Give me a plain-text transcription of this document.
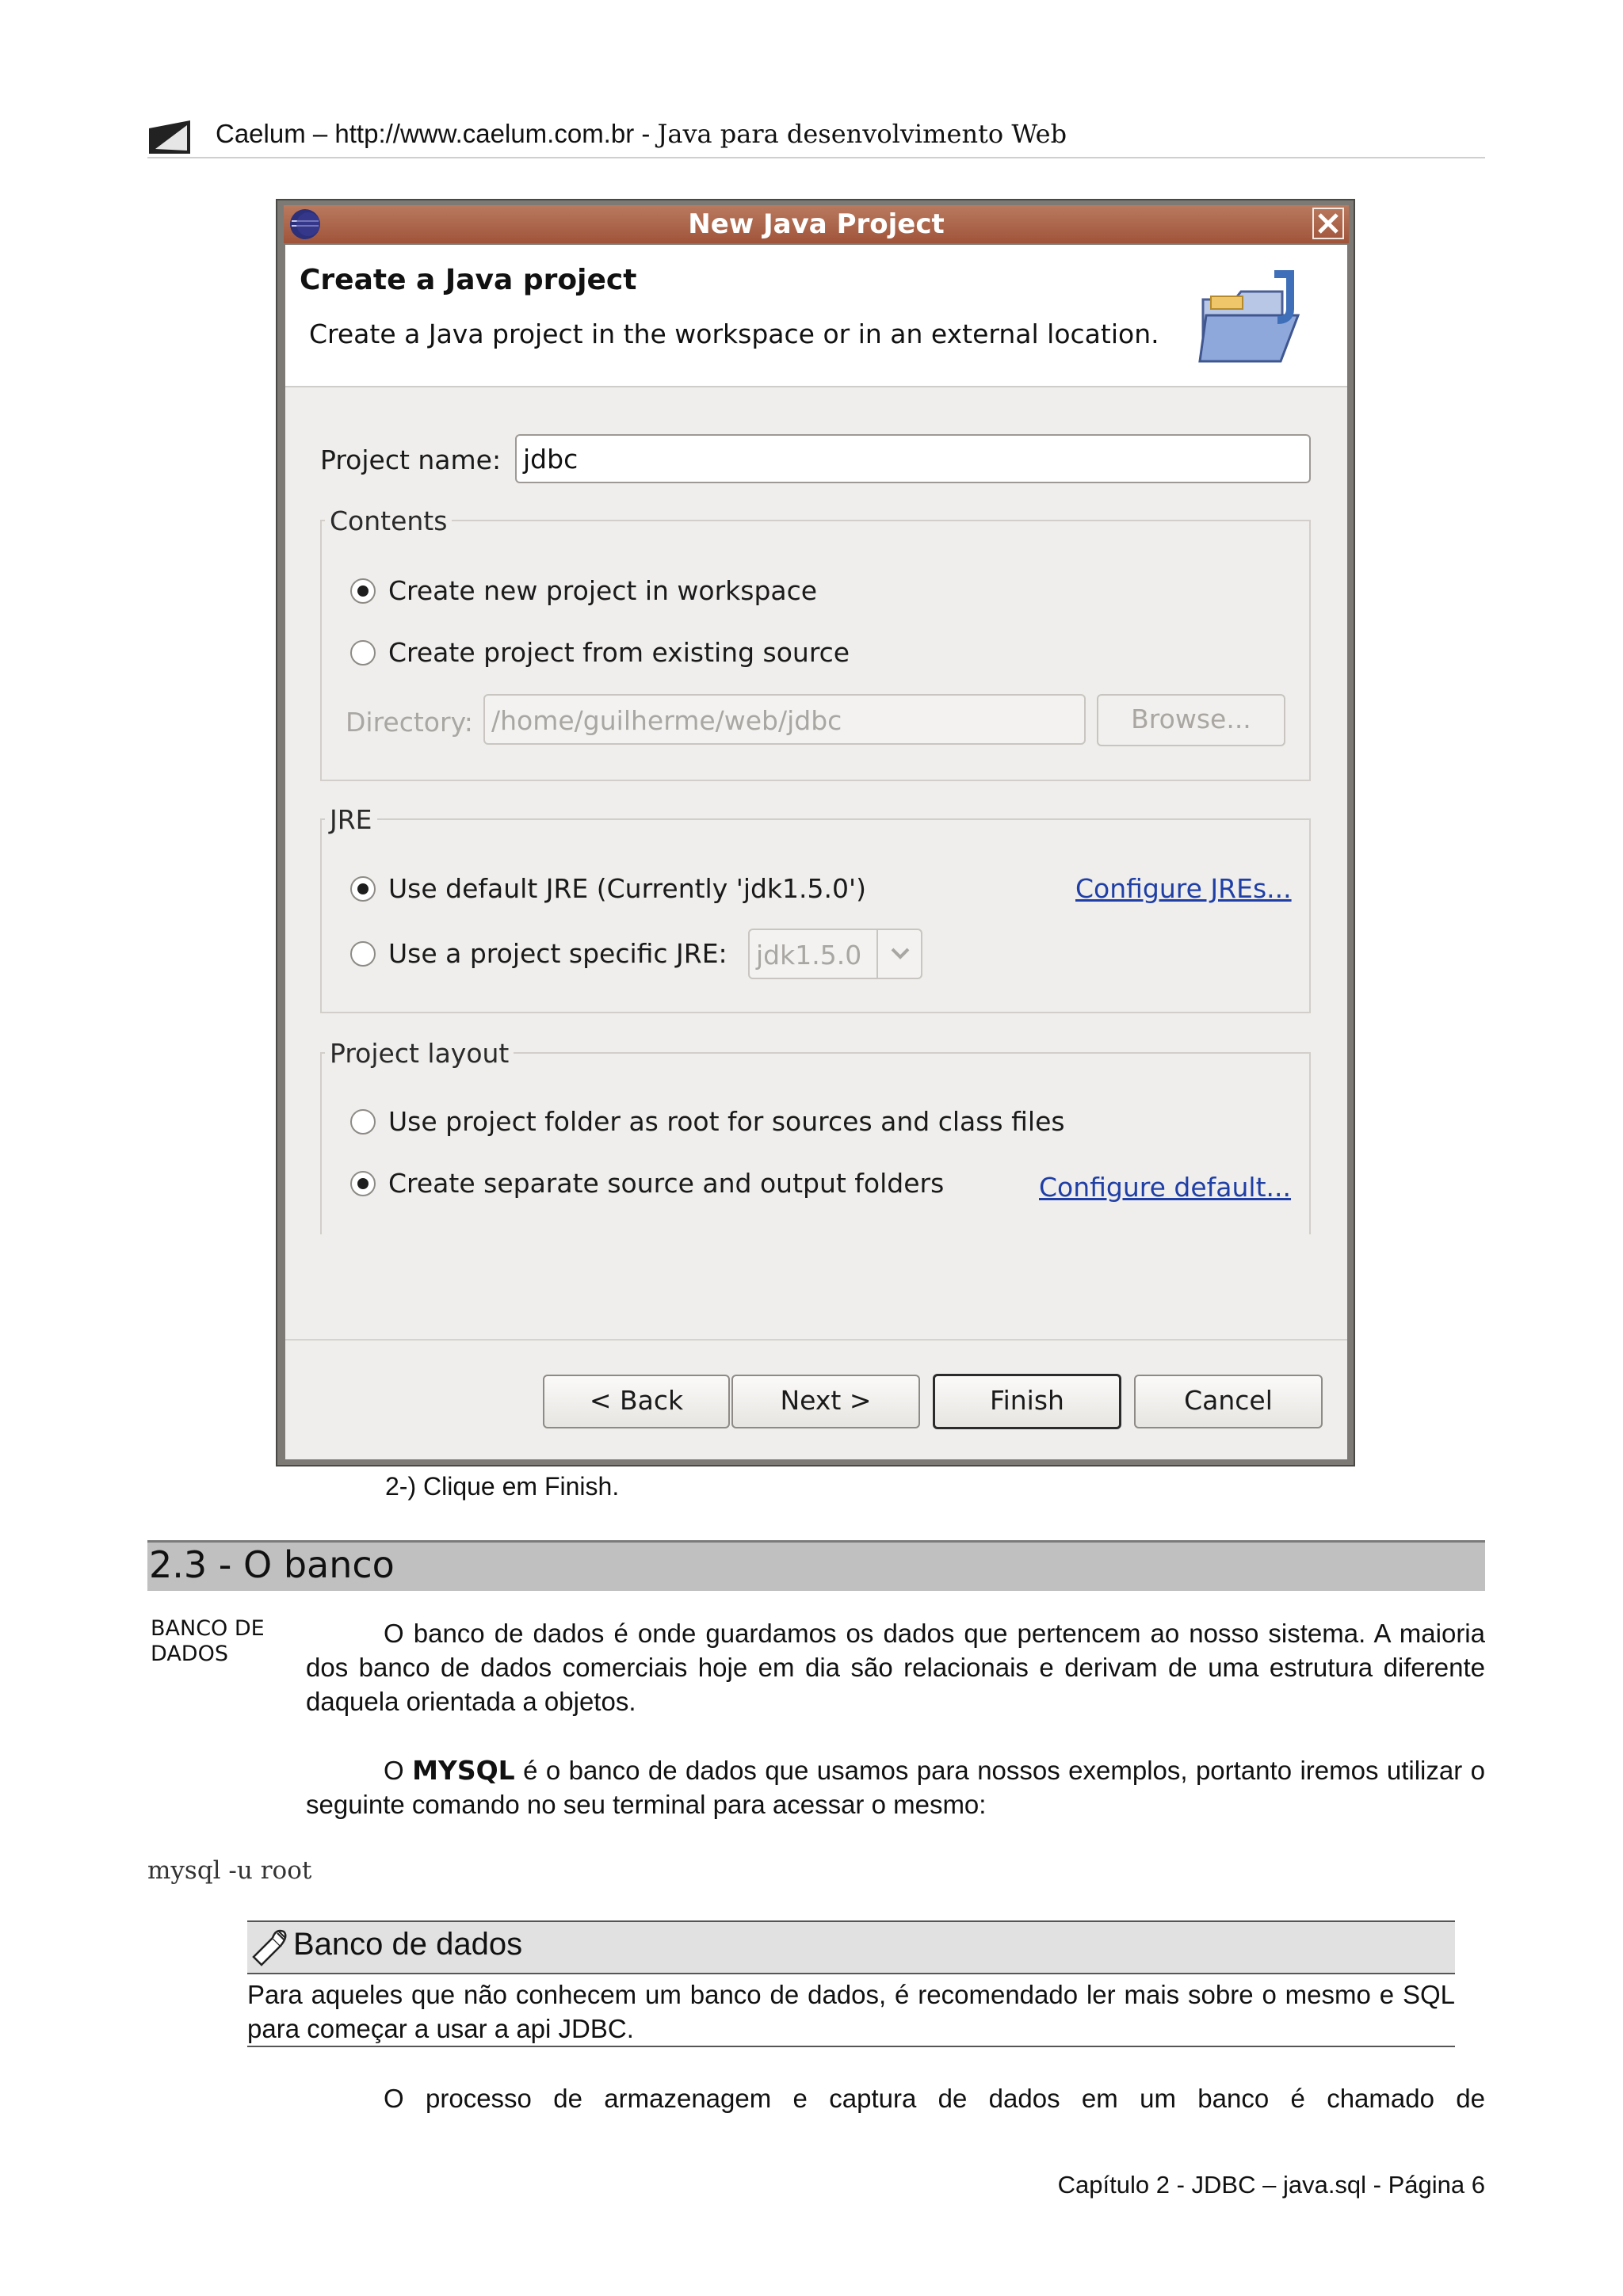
Caelum – http://www.caelum.com.br - Java para desenvolvimento Web
New Java Project
Create a Java project
Create a Java project in the workspace or in an external location.
Project name: jdbc
Contents
Create new project in workspace
Create project from existing source
Directory: /home/guilherme/web/jdbc	Browse...
JRE
Use default JRE (Currently 'jdk1.5.0')	Configure JREs...
Use a project specific JRE: jdk1.5.0
Project layout
Use project folder as root for sources and class files
Create separate source and output folders	Configure default...
< Back	Next >	Finish	Cancel
2-) Clique em Finish.
2.3 - O banco
BANCO DE DADOS
O banco de dados é onde guardamos os dados que pertencem ao nosso sistema. A maioria dos banco de dados comerciais hoje em dia são relacionais e derivam de uma estrutura diferente daquela orientada a objetos.
O MYSQL é o banco de dados que usamos para nossos exemplos, portanto iremos utilizar o seguinte comando no seu terminal para acessar o mesmo:
mysql -u root
Banco de dados
Para aqueles que não conhecem um banco de dados, é recomendado ler mais sobre o mesmo e SQL para começar a usar a api JDBC.
O processo de armazenagem e captura de dados em um banco é chamado de
Capítulo 2 - JDBC – java.sql - Página 6
